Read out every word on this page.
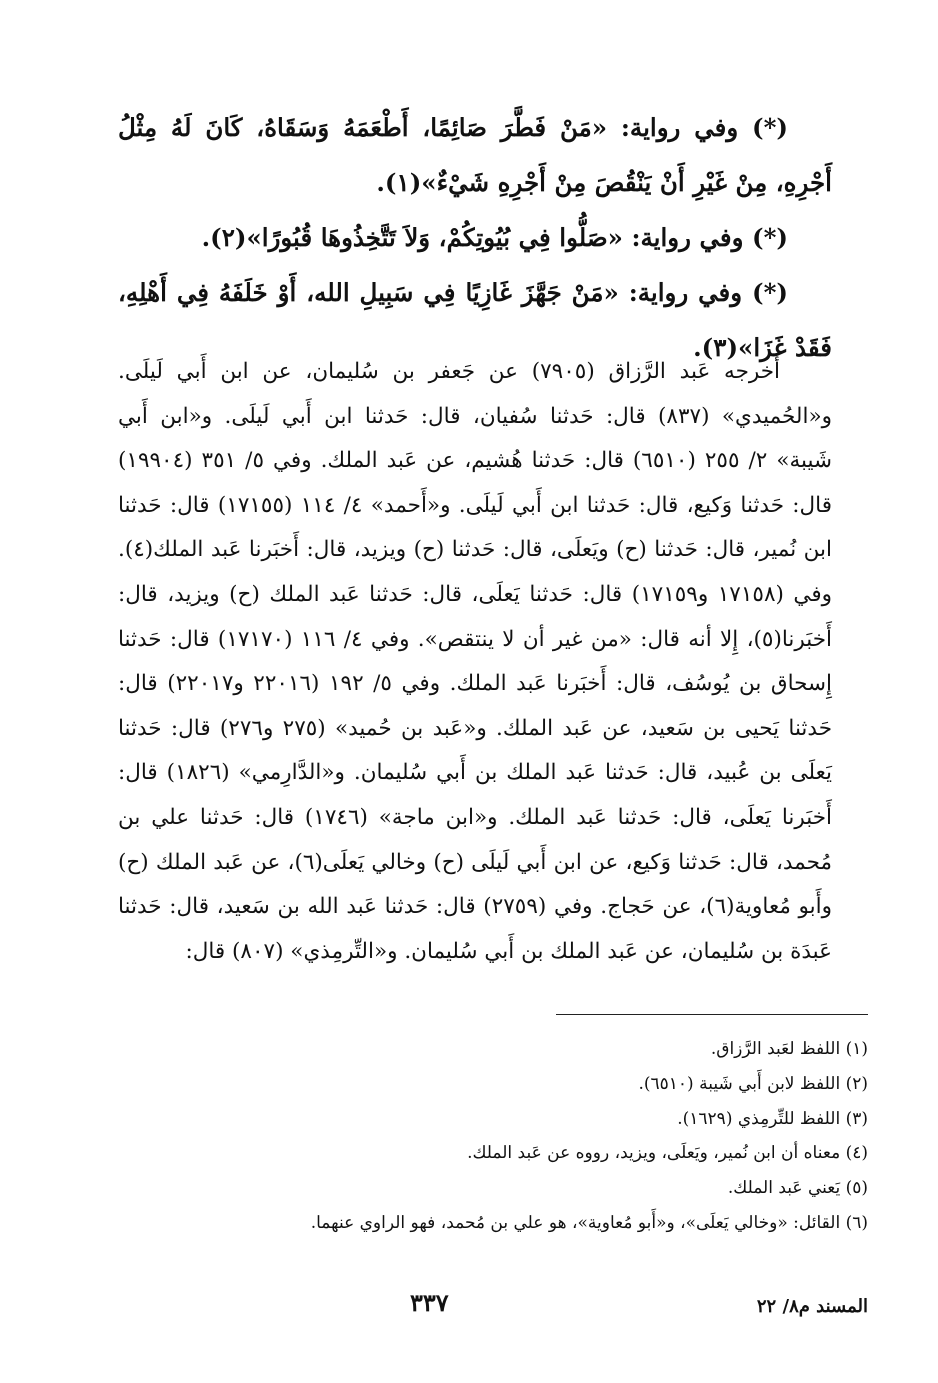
(*) وفي رواية: «مَنْ فَطَّرَ صَائِمًا، أَطْعَمَهُ وَسَقَاهُ، كَانَ لَهُ مِثْلُ أَجْرِهِ، مِنْ غَيْرِ أَنْ يَنْقُصَ مِنْ أَجْرِهِ شَيْءٌ»(١).

(*) وفي رواية: «صَلُّوا فِي بُيُوتِكُمْ، وَلاَ تَتَّخِذُوهَا قُبُورًا»(٢).

(*) وفي رواية: «مَنْ جَهَّزَ غَازِيًا فِي سَبِيلِ الله، أَوْ خَلَفَهُ فِي أَهْلِهِ، فَقَدْ غَزَا»(٣).

أخرجه عَبد الرَّزاق (٧٩٠٥) عن جَعفر بن سُليمان، عن ابن أَبي لَيلَى. و«الحُميدي» (٨٣٧) قال: حَدثنا سُفيان، قال: حَدثنا ابن أَبي لَيلَى. و«ابن أَبي شَيبة» ٢/ ٢٥٥ (٦٥١٠) قال: حَدثنا هُشيم، عن عَبد الملك. وفي ٥/ ٣٥١ (١٩٩٠٤) قال: حَدثنا وَكيع، قال: حَدثنا ابن أَبي لَيلَى. و«أَحمد» ٤/ ١١٤ (١٧١٥٥) قال: حَدثنا ابن نُمير، قال: حَدثنا (ح) ويَعلَى، قال: حَدثنا (ح) ويزيد، قال: أَخبَرنا عَبد الملك(٤). وفي (١٧١٥٨ و١٧١٥٩) قال: حَدثنا يَعلَى، قال: حَدثنا عَبد الملك (ح) ويزيد، قال: أَخبَرنا(٥)، إِلا أنه قال: «من غير أن لا ينتقص». وفي ٤/ ١١٦ (١٧١٧٠) قال: حَدثنا إِسحاق بن يُوسُف، قال: أَخبَرنا عَبد الملك. وفي ٥/ ١٩٢ (٢٢٠١٦ و٢٢٠١٧) قال: حَدثنا يَحيى بن سَعيد، عن عَبد الملك. و«عَبد بن حُميد» (٢٧٥ و٢٧٦) قال: حَدثنا يَعلَى بن عُبيد، قال: حَدثنا عَبد الملك بن أَبي سُليمان. و«الدَّارِمي» (١٨٢٦) قال: أَخبَرنا يَعلَى، قال: حَدثنا عَبد الملك. و«ابن ماجة» (١٧٤٦) قال: حَدثنا علي بن مُحمد، قال: حَدثنا وَكيع، عن ابن أَبي لَيلَى (ح) وخالي يَعلَى(٦)، عن عَبد الملك (ح) وأَبو مُعاوية(٦)، عن حَجاج. وفي (٢٧٥٩) قال: حَدثنا عَبد الله بن سَعيد، قال: حَدثنا عَبدَة بن سُليمان، عن عَبد الملك بن أَبي سُليمان. و«التِّرمِذي» (٨٠٧) قال:

(١) اللفظ لعَبد الرَّزاق.

(٢) اللفظ لابن أَبي شَيبة (٦٥١٠).

(٣) اللفظ للتِّرمِذي (١٦٢٩).

(٤) معناه أن ابن نُمير، ويَعلَى، ويزيد، رووه عن عَبد الملك.

(٥) يَعني عَبد الملك.

(٦) القائل: «وخالي يَعلَى»، و«أَبو مُعاوية»، هو علي بن مُحمد، فهو الراوي عنهما.

المسند م٨/ ٢٢
٣٣٧
